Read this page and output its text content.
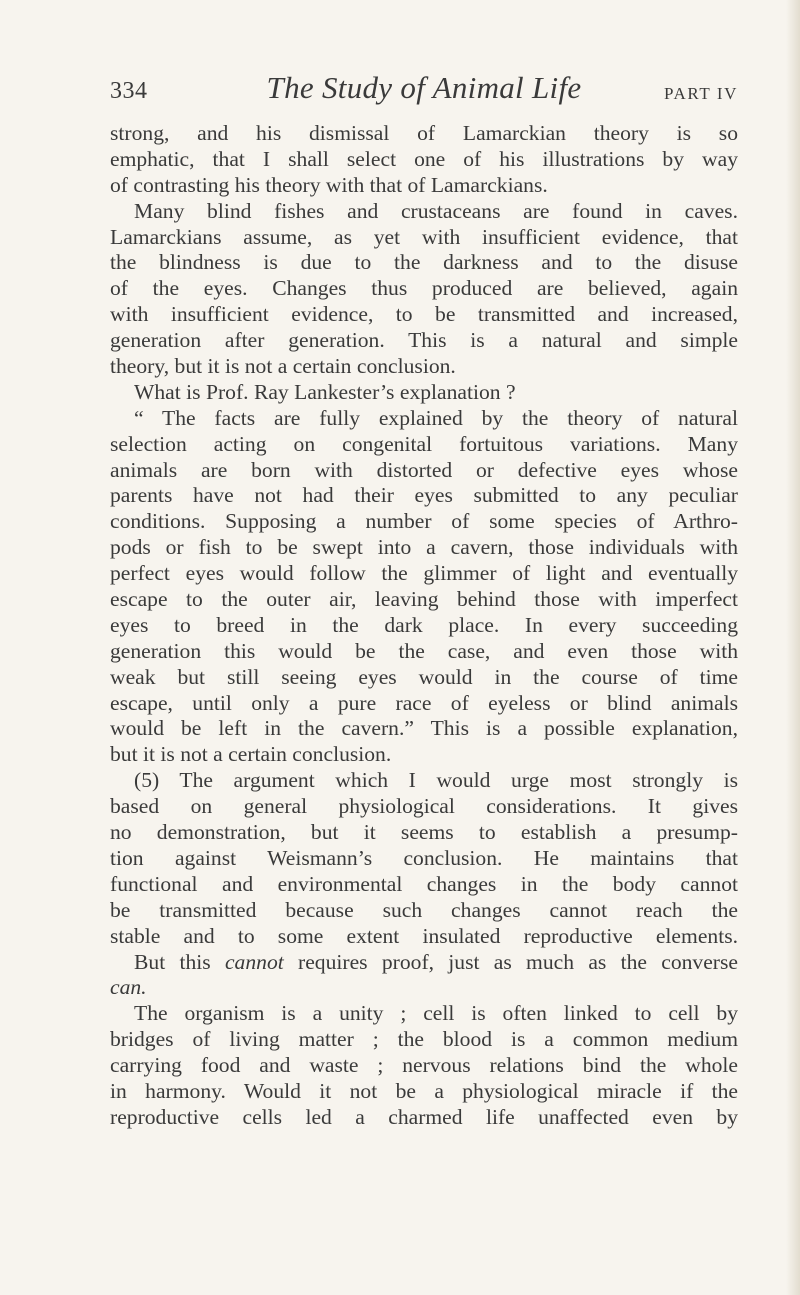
334	The Study of Animal Life	PART IV
strong, and his dismissal of Lamarckian theory is so
emphatic, that I shall select one of his illustrations by way
of contrasting his theory with that of Lamarckians.
Many blind fishes and crustaceans are found in caves.
Lamarckians assume, as yet with insufficient evidence, that
the blindness is due to the darkness and to the disuse
of the eyes. Changes thus produced are believed, again
with insufficient evidence, to be transmitted and increased,
generation after generation. This is a natural and simple
theory, but it is not a certain conclusion.
What is Prof. Ray Lankester’s explanation ?
“ The facts are fully explained by the theory of natural
selection acting on congenital fortuitous variations. Many
animals are born with distorted or defective eyes whose
parents have not had their eyes submitted to any peculiar
conditions. Supposing a number of some species of Arthro-
pods or fish to be swept into a cavern, those individuals with
perfect eyes would follow the glimmer of light and eventually
escape to the outer air, leaving behind those with imperfect
eyes to breed in the dark place. In every succeeding
generation this would be the case, and even those with
weak but still seeing eyes would in the course of time
escape, until only a pure race of eyeless or blind animals
would be left in the cavern.” This is a possible explanation,
but it is not a certain conclusion.
(5) The argument which I would urge most strongly is
based on general physiological considerations. It gives
no demonstration, but it seems to establish a presump-
tion against Weismann’s conclusion. He maintains that
functional and environmental changes in the body cannot
be transmitted because such changes cannot reach the
stable and to some extent insulated reproductive elements.
But this cannot requires proof, just as much as the converse
can.
The organism is a unity ; cell is often linked to cell by
bridges of living matter ; the blood is a common medium
carrying food and waste ; nervous relations bind the whole
in harmony. Would it not be a physiological miracle if the
reproductive cells led a charmed life unaffected even by
